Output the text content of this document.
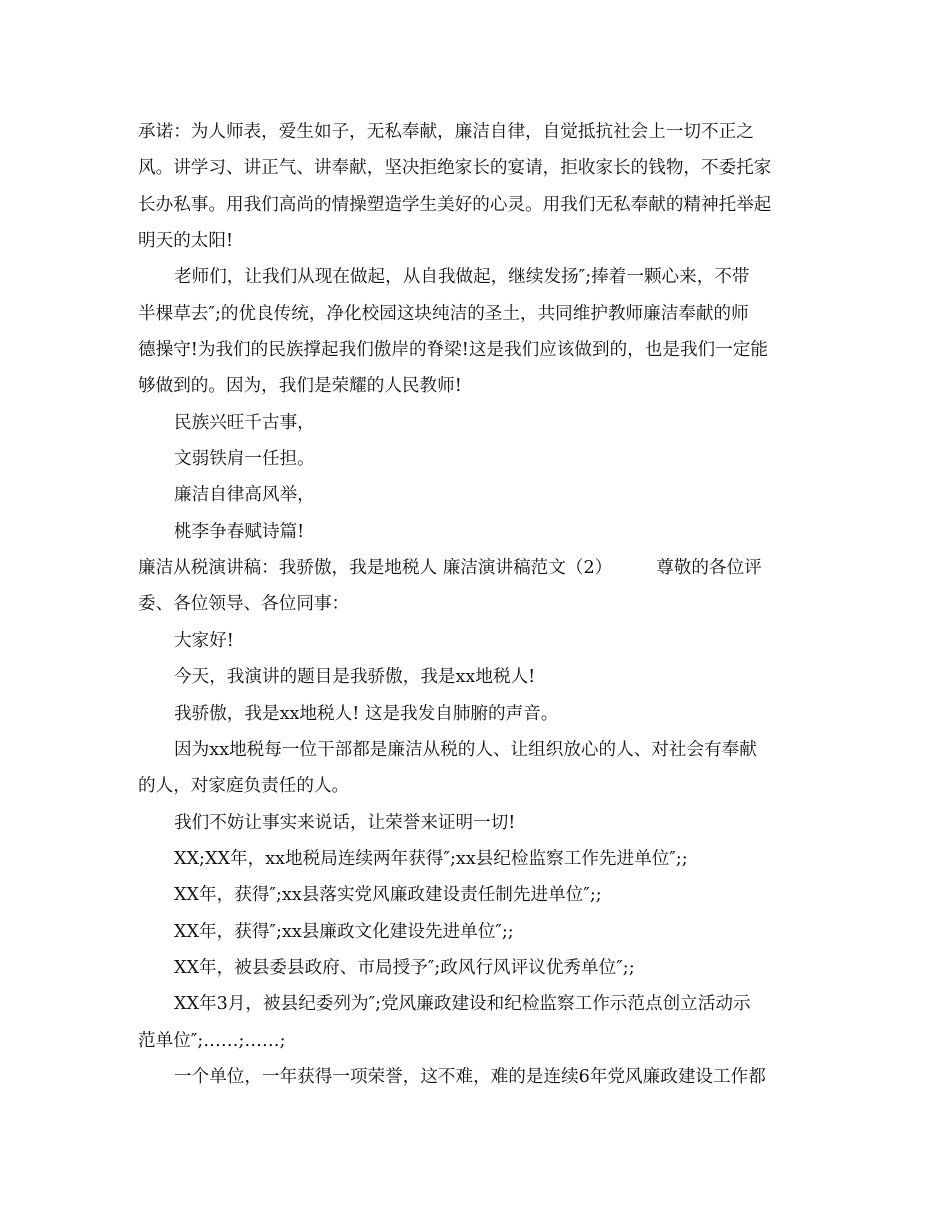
承诺：为人师表，爱生如子，无私奉献，廉洁自律，自觉抵抗社会上一切不正之
风。讲学习、讲正气、讲奉献，坚决拒绝家长的宴请，拒收家长的钱物，不委托家
长办私事。用我们高尚的情操塑造学生美好的心灵。用我们无私奉献的精神托举起
明天的太阳!
老师们，让我们从现在做起，从自我做起，继续发扬″;捧着一颗心来，不带
半棵草去″;的优良传统，净化校园这块纯洁的圣土，共同维护教师廉洁奉献的师
德操守!为我们的民族撑起我们傲岸的脊梁!这是我们应该做到的，也是我们一定能
够做到的。因为，我们是荣耀的人民教师!
民族兴旺千古事，
文弱铁肩一任担。
廉洁自律高风举，
桃李争春赋诗篇!
廉洁从税演讲稿：我骄傲，我是地税人 廉洁演讲稿范文（2）　　　尊敬的各位评
委、各位领导、各位同事：
大家好!
今天，我演讲的题目是我骄傲，我是xx地税人!
我骄傲，我是xx地税人! 这是我发自肺腑的声音。
因为xx地税每一位干部都是廉洁从税的人、让组织放心的人、对社会有奉献
的人，对家庭负责任的人。
我们不妨让事实来说话，让荣誉来证明一切!
XX;XX年，xx地税局连续两年获得″;xx县纪检监察工作先进单位″;;
XX年，获得″;xx县落实党风廉政建设责任制先进单位″;;
XX年，获得″;xx县廉政文化建设先进单位″;;
XX年，被县委县政府、市局授予″;政风行风评议优秀单位″;;
XX年3月，被县纪委列为″;党风廉政建设和纪检监察工作示范点创立活动示
范单位″;……;……;
一个单位，一年获得一项荣誉，这不难，难的是连续6年党风廉政建设工作都
